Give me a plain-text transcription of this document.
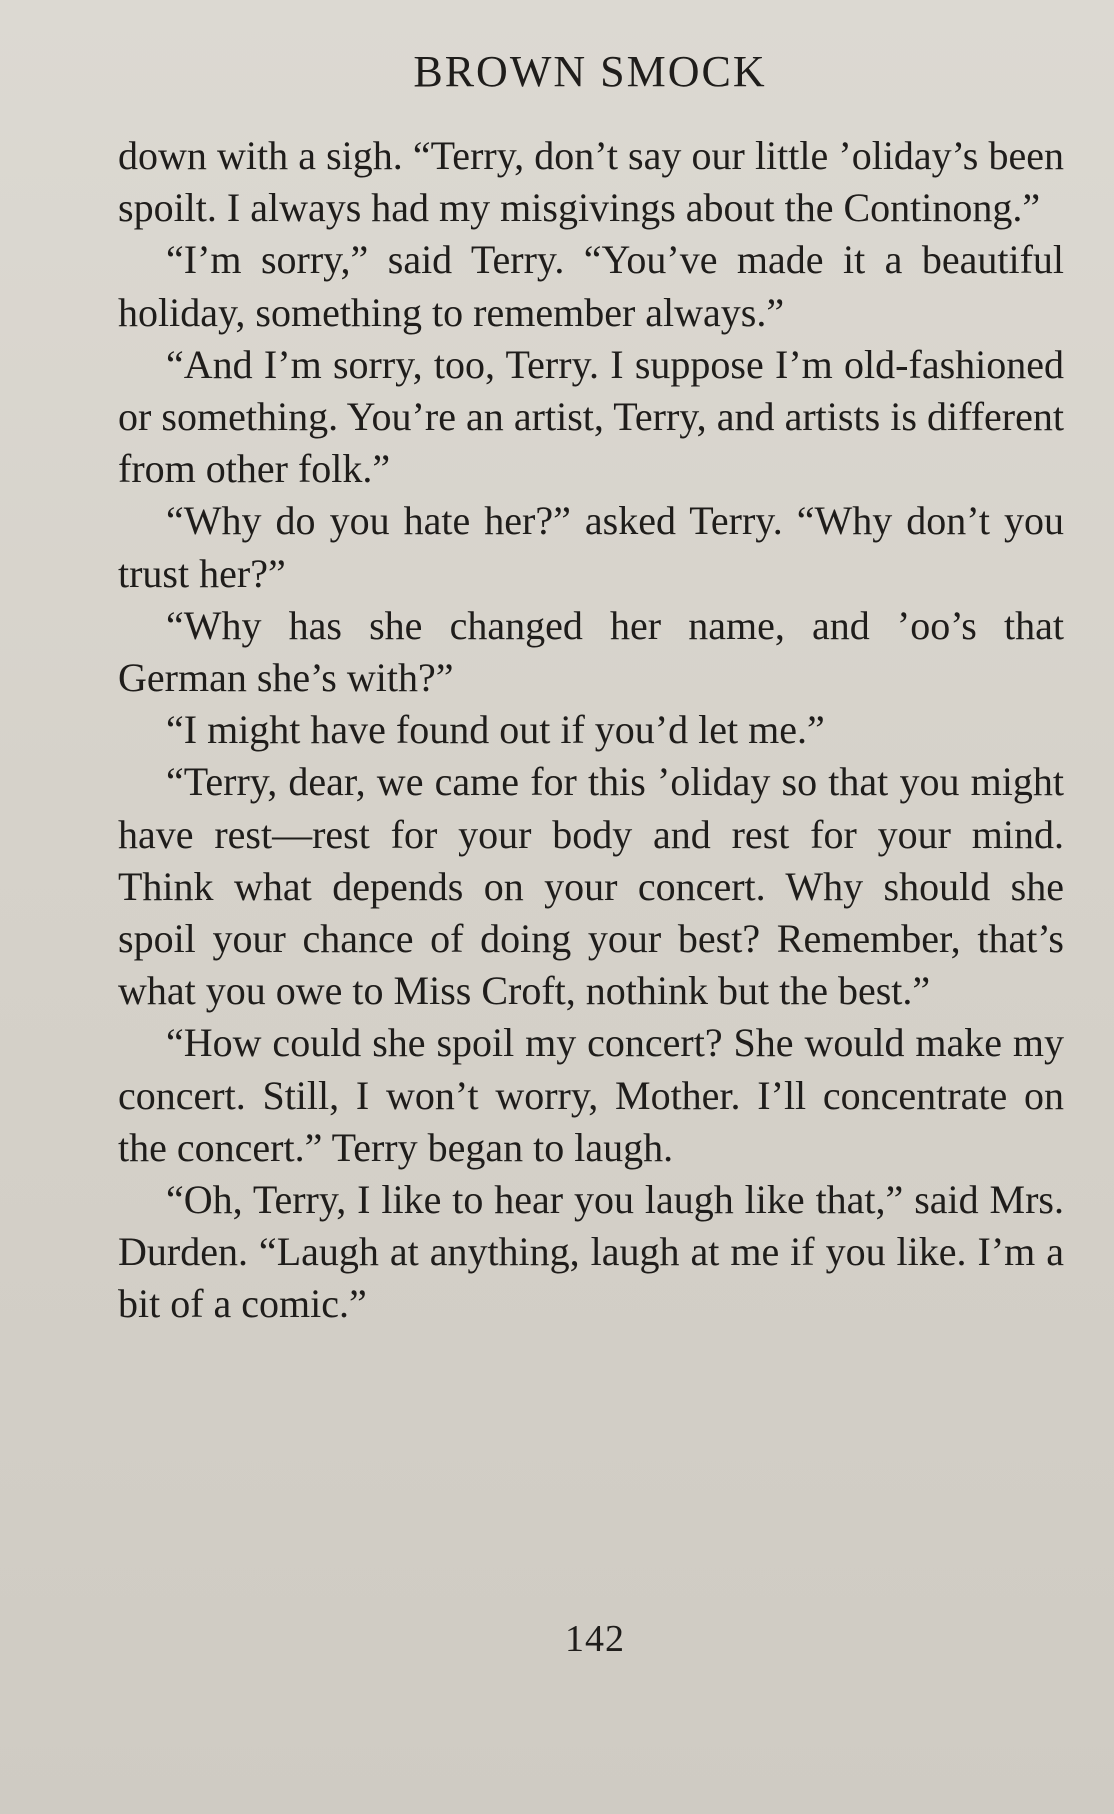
BROWN SMOCK

down with a sigh. “Terry, don’t say our little ’oliday’s been spoilt. I always had my misgivings about the Continong.”

“I’m sorry,” said Terry. “You’ve made it a beautiful holiday, something to remember always.”

“And I’m sorry, too, Terry. I suppose I’m old-fashioned or something. You’re an artist, Terry, and artists is different from other folk.”

“Why do you hate her?” asked Terry. “Why don’t you trust her?”

“Why has she changed her name, and ’oo’s that German she’s with?”

“I might have found out if you’d let me.”

“Terry, dear, we came for this ’oliday so that you might have rest—rest for your body and rest for your mind. Think what depends on your concert. Why should she spoil your chance of doing your best? Remember, that’s what you owe to Miss Croft, nothink but the best.”

“How could she spoil my concert? She would make my concert. Still, I won’t worry, Mother. I’ll concentrate on the concert.” Terry began to laugh.

“Oh, Terry, I like to hear you laugh like that,” said Mrs. Durden. “Laugh at anything, laugh at me if you like. I’m a bit of a comic.”

142
